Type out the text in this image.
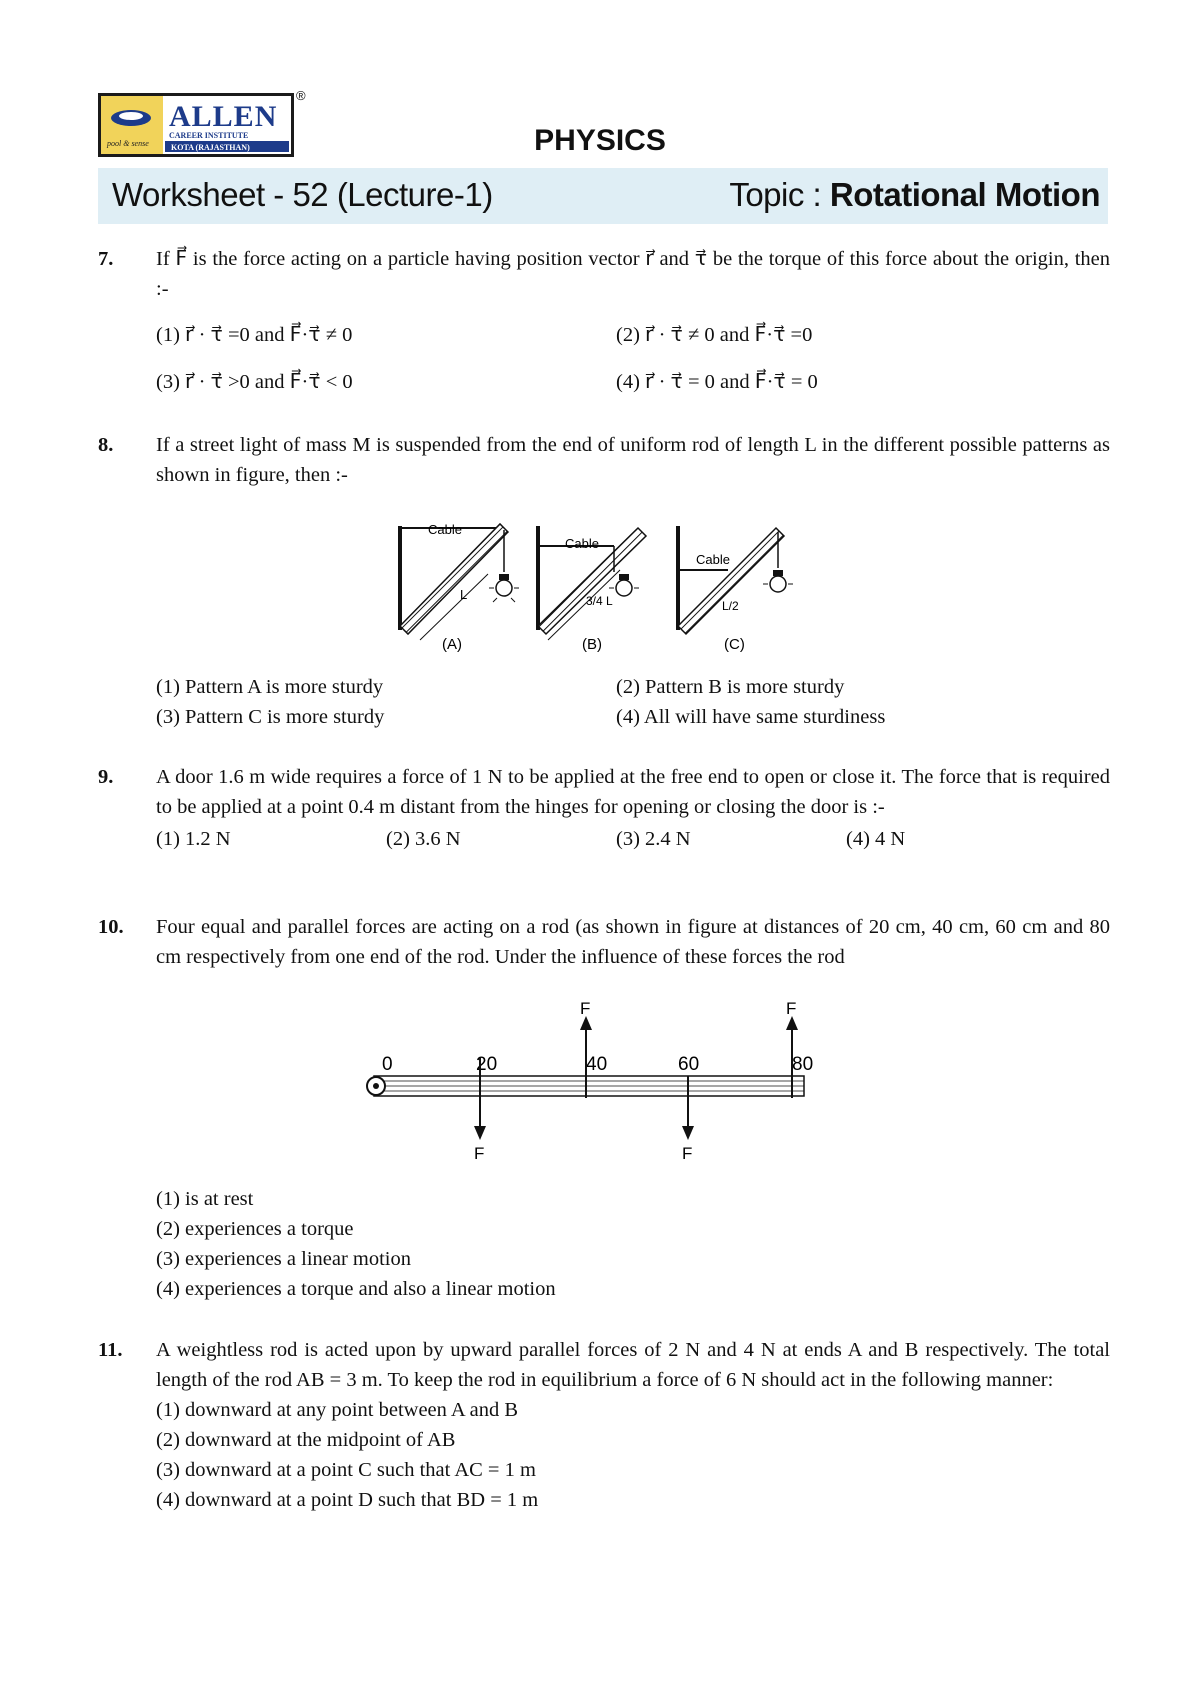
pool & sense
ALLEN
CAREER INSTITUTE
KOTA (RAJASTHAN)
®
PHYSICS
Worksheet - 52 (Lecture-1)	Topic : Rotational Motion
7. If F⃗ is the force acting on a particle having position vector r⃗ and τ⃗ be the torque of this force about the origin, then :-
(1) r⃗ · τ⃗ =0 and F⃗·τ⃗ ≠ 0	(2) r⃗ · τ⃗ ≠ 0 and F⃗·τ⃗ =0
(3) r⃗ · τ⃗ >0 and F⃗·τ⃗ < 0	(4) r⃗ · τ⃗ = 0 and F⃗·τ⃗ = 0
8. If a street light of mass M is suspended from the end of uniform rod of length L in the different possible patterns as shown in figure, then :-
L
Cable
(A)
3/4 L
Cable
(B)
L/2
Cable
(C)
(1) Pattern A is more sturdy	(2) Pattern B is more sturdy
(3) Pattern C is more sturdy	(4) All will have same sturdiness
9. A door 1.6 m wide requires a force of 1 N to be applied at the free end to open or close it. The force that is required to be applied at a point 0.4 m distant from the hinges for opening or closing the door is :-
(1) 1.2 N	(2) 3.6 N	(3) 2.4 N	(4) 4 N
10. Four equal and parallel forces are acting on a rod (as shown in figure at distances of 20 cm, 40 cm, 60 cm and 80 cm respectively from one end of the rod. Under the influence of these forces the rod
0	20	40	60	80
F
F
F
F
(1) is at rest
(2) experiences a torque
(3) experiences a linear motion
(4) experiences a torque and also a linear motion
11. A weightless rod is acted upon by upward parallel forces of 2 N and 4 N at ends A and B respectively. The total length of the rod AB = 3 m. To keep the rod in equilibrium a force of 6 N should act in the following manner:
(1) downward at any point between A and B
(2) downward at the midpoint of AB
(3) downward at a point C such that AC = 1 m
(4) downward at a point D such that BD = 1 m
